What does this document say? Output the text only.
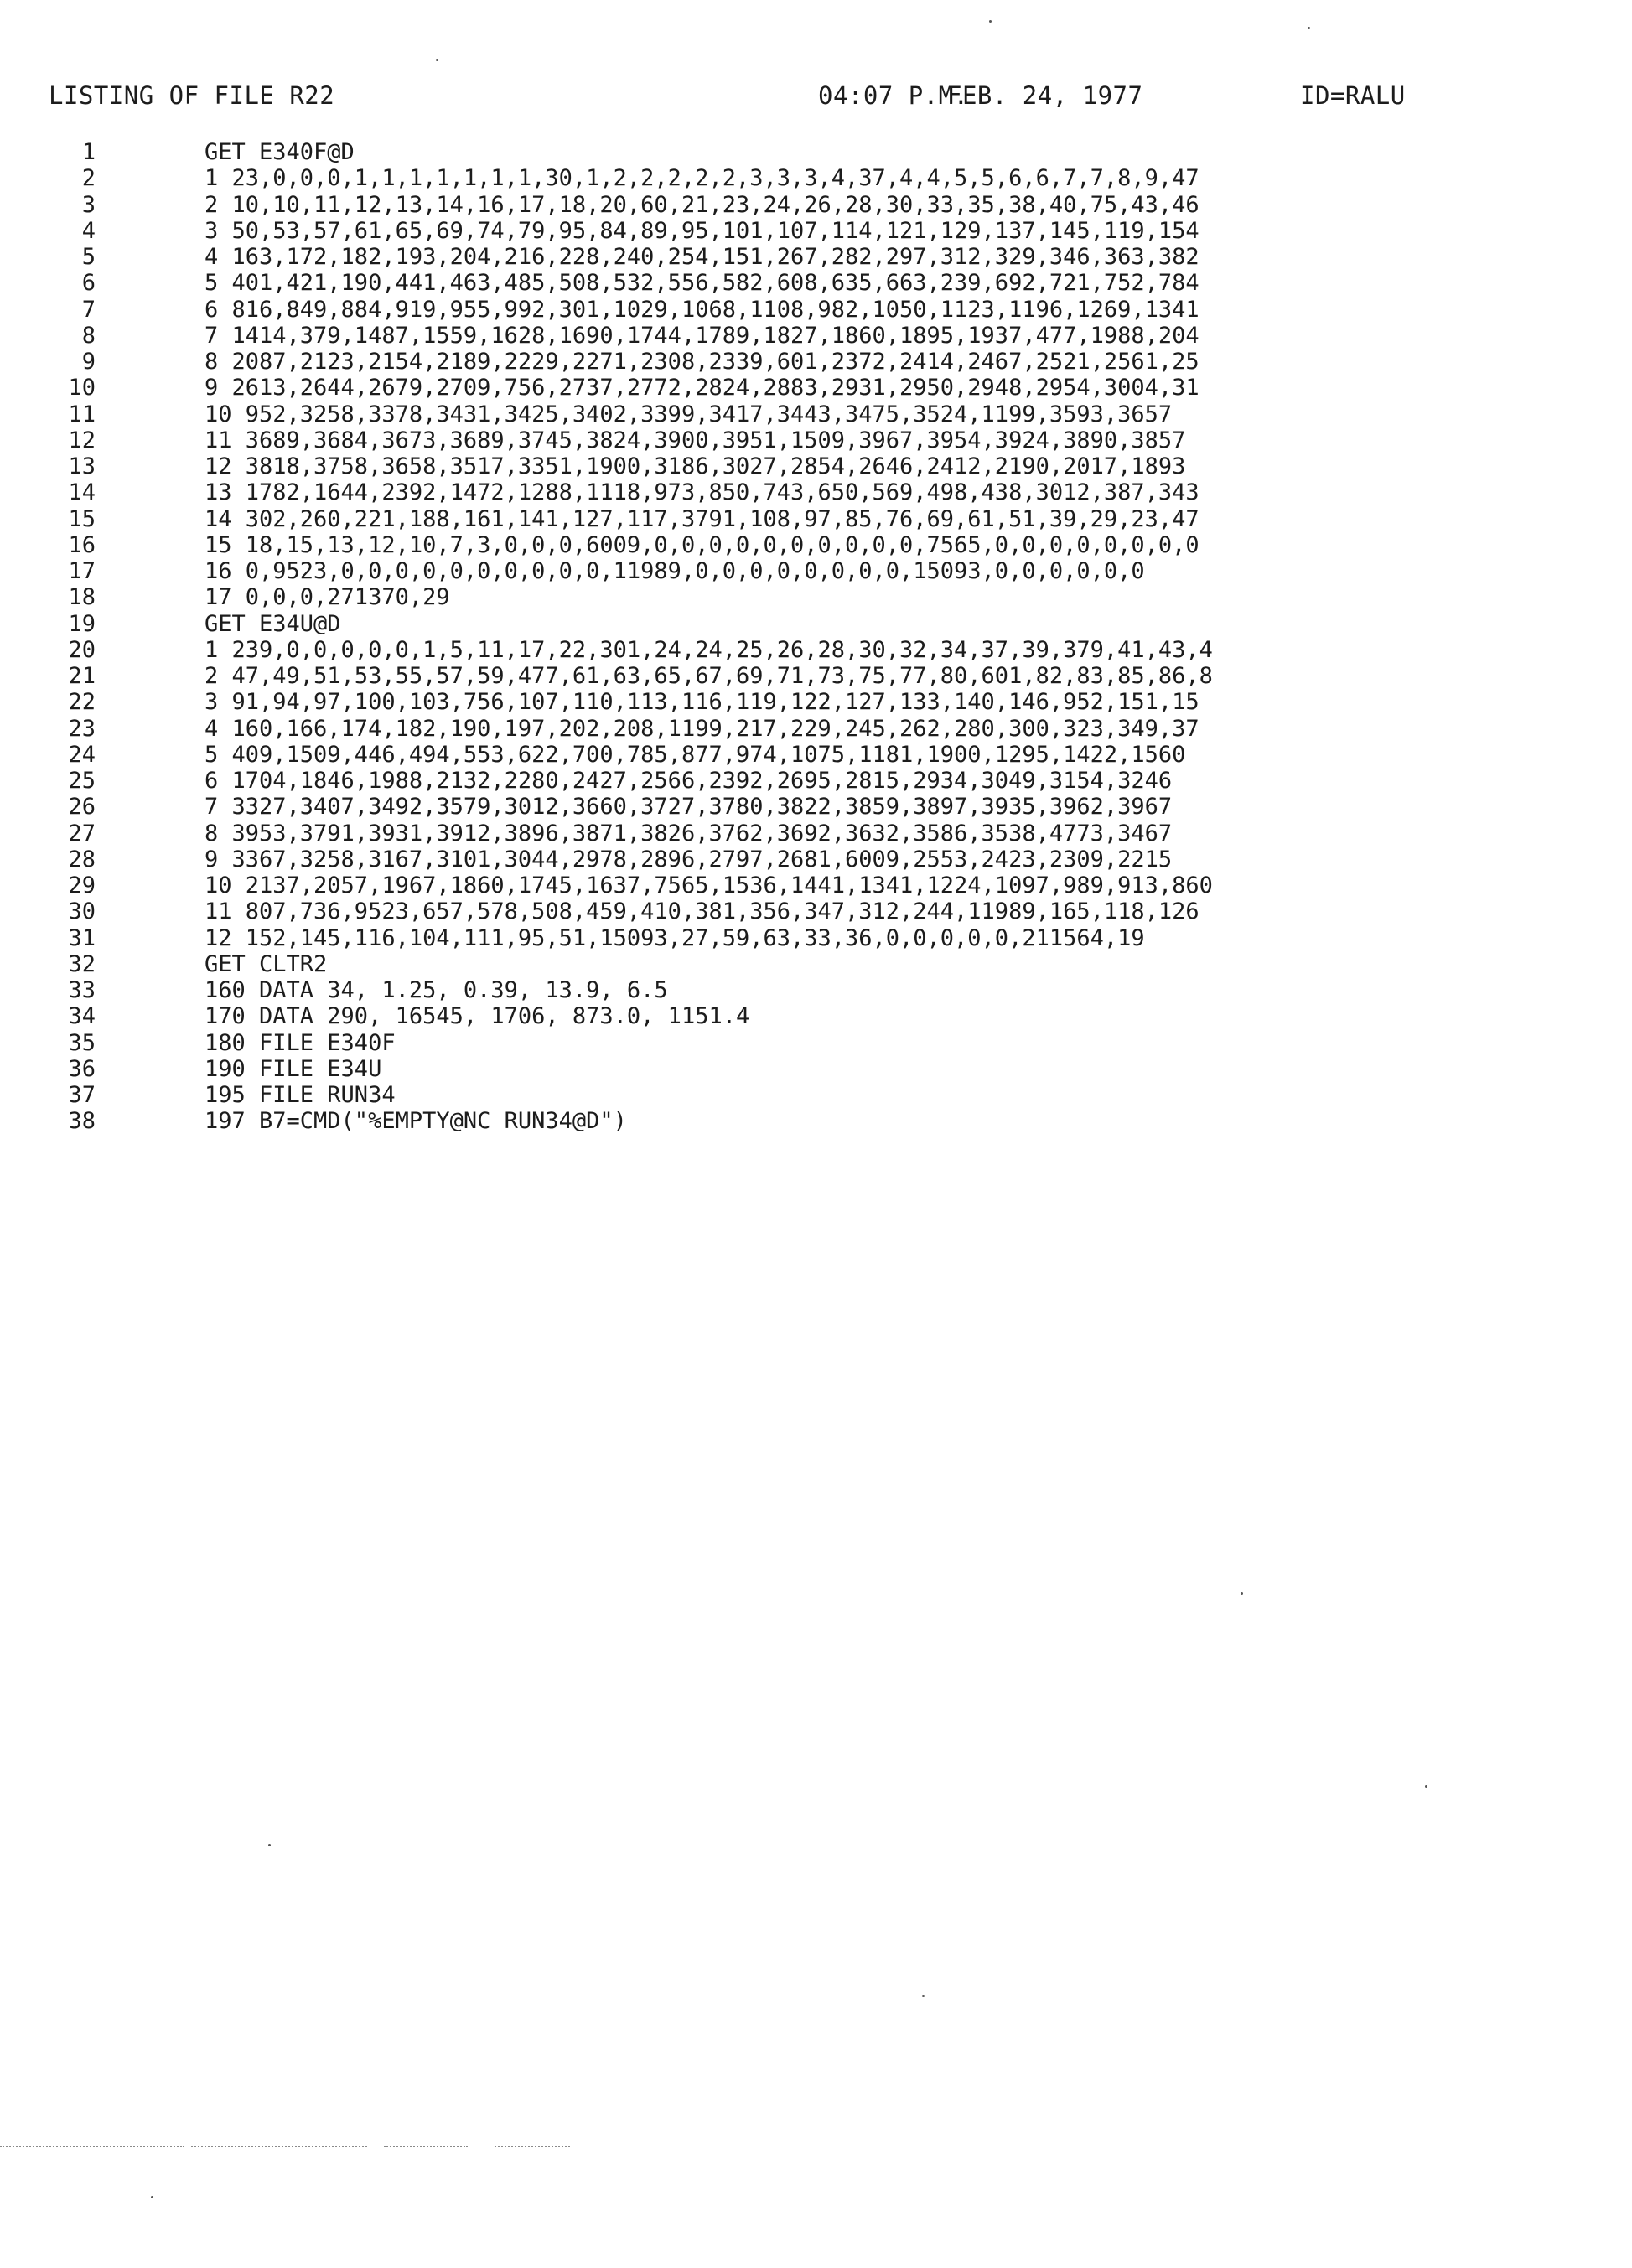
LISTING OF FILE R22

	04:07 P.M.

FEB. 24, 1977

	ID=RALU

1	GET E340F@D
2	1 23,0,0,0,1,1,1,1,1,1,1,30,1,2,2,2,2,2,3,3,3,4,37,4,4,5,5,6,6,7,7,8,9,47
3	2 10,10,11,12,13,14,16,17,18,20,60,21,23,24,26,28,30,33,35,38,40,75,43,46
4	3 50,53,57,61,65,69,74,79,95,84,89,95,101,107,114,121,129,137,145,119,154
5	4 163,172,182,193,204,216,228,240,254,151,267,282,297,312,329,346,363,382
6	5 401,421,190,441,463,485,508,532,556,582,608,635,663,239,692,721,752,784
7	6 816,849,884,919,955,992,301,1029,1068,1108,982,1050,1123,1196,1269,1341
8	7 1414,379,1487,1559,1628,1690,1744,1789,1827,1860,1895,1937,477,1988,204
9	8 2087,2123,2154,2189,2229,2271,2308,2339,601,2372,2414,2467,2521,2561,25
10	9 2613,2644,2679,2709,756,2737,2772,2824,2883,2931,2950,2948,2954,3004,31
11	10 952,3258,3378,3431,3425,3402,3399,3417,3443,3475,3524,1199,3593,3657
12	11 3689,3684,3673,3689,3745,3824,3900,3951,1509,3967,3954,3924,3890,3857
13	12 3818,3758,3658,3517,3351,1900,3186,3027,2854,2646,2412,2190,2017,1893
14	13 1782,1644,2392,1472,1288,1118,973,850,743,650,569,498,438,3012,387,343
15	14 302,260,221,188,161,141,127,117,3791,108,97,85,76,69,61,51,39,29,23,47
16	15 18,15,13,12,10,7,3,0,0,0,6009,0,0,0,0,0,0,0,0,0,0,7565,0,0,0,0,0,0,0,0
17	16 0,9523,0,0,0,0,0,0,0,0,0,0,11989,0,0,0,0,0,0,0,0,15093,0,0,0,0,0,0
18	17 0,0,0,271370,29
19	GET E34U@D
20	1 239,0,0,0,0,0,1,5,11,17,22,301,24,24,25,26,28,30,32,34,37,39,379,41,43,4
21	2 47,49,51,53,55,57,59,477,61,63,65,67,69,71,73,75,77,80,601,82,83,85,86,8
22	3 91,94,97,100,103,756,107,110,113,116,119,122,127,133,140,146,952,151,15
23	4 160,166,174,182,190,197,202,208,1199,217,229,245,262,280,300,323,349,37
24	5 409,1509,446,494,553,622,700,785,877,974,1075,1181,1900,1295,1422,1560
25	6 1704,1846,1988,2132,2280,2427,2566,2392,2695,2815,2934,3049,3154,3246
26	7 3327,3407,3492,3579,3012,3660,3727,3780,3822,3859,3897,3935,3962,3967
27	8 3953,3791,3931,3912,3896,3871,3826,3762,3692,3632,3586,3538,4773,3467
28	9 3367,3258,3167,3101,3044,2978,2896,2797,2681,6009,2553,2423,2309,2215
29	10 2137,2057,1967,1860,1745,1637,7565,1536,1441,1341,1224,1097,989,913,860
30	11 807,736,9523,657,578,508,459,410,381,356,347,312,244,11989,165,118,126
31	12 152,145,116,104,111,95,51,15093,27,59,63,33,36,0,0,0,0,0,211564,19
32	GET CLTR2
33	160 DATA 34, 1.25, 0.39, 13.9, 6.5
34	170 DATA 290, 16545, 1706, 873.0, 1151.4
35	180 FILE E340F
36	190 FILE E34U
37	195 FILE RUN34
38	197 B7=CMD("%EMPTY@NC RUN34@D")
